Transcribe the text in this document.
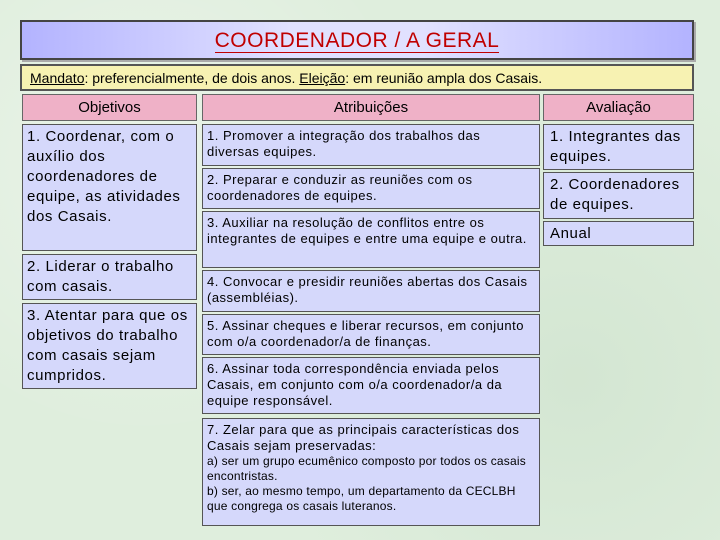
COORDENADOR / A GERAL
Mandato : preferencialmente, de dois anos. Eleição : em reunião ampla dos Casais.
Objetivos	Atribuições	Avaliação
1. Coordenar, com o auxílio dos coordenadores de equipe, as atividades dos Casais.
2. Liderar o trabalho com casais.
3. Atentar para que os objetivos do trabalho com casais sejam cumpridos.
1. Promover a integração dos trabalhos das diversas equipes.
2. Preparar e conduzir as reuniões com os coordenadores de equipes.
3. Auxiliar na resolução de conflitos entre os integrantes de equipes e entre uma equipe e outra.
4. Convocar e presidir reuniões abertas dos Casais (assembléias).
5. Assinar cheques e liberar recursos, em conjunto com o/a coordenador/a de finanças.
6. Assinar toda correspondência enviada pelos Casais, em conjunto com o/a coordenador/a da equipe responsável.
7. Zelar para que as principais características dos Casais sejam preservadas:
a) ser um grupo ecumênico composto por todos os casais encontristas.
b) ser, ao mesmo tempo, um departamento da CECLBH que congrega os casais luteranos.
1. Integrantes das equipes.
2. Coordenadores de equipes.
Anual
